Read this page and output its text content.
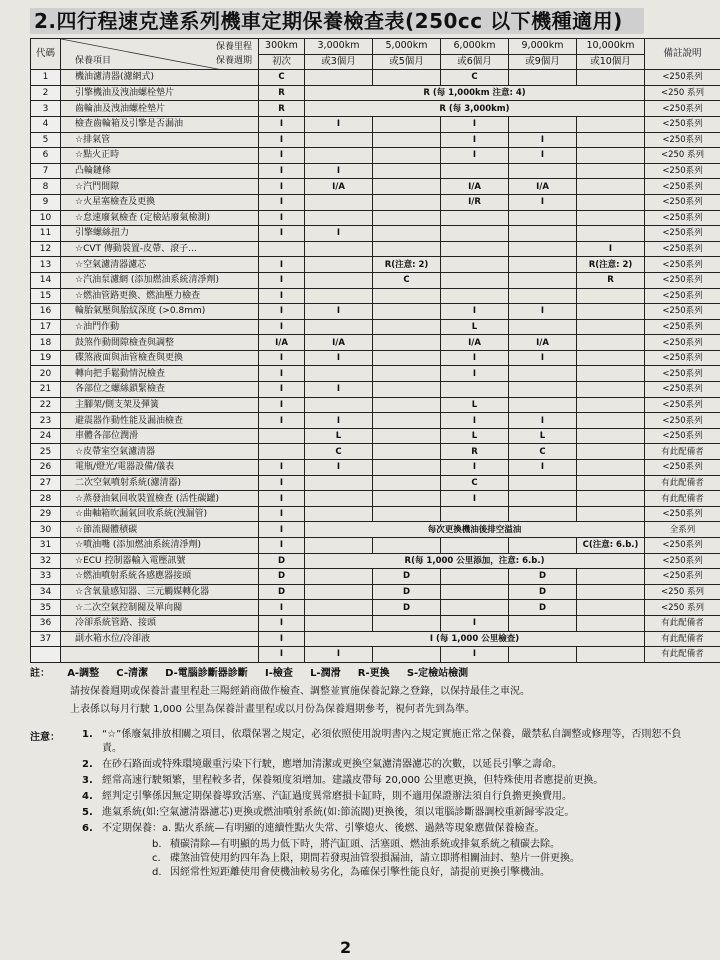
2.四行程速克達系列機車定期保養檢查表(250cc 以下機種適用)
代碼	保養里程
保養項目 保養週期	300km	3,000km	5,000km	6,000km	9,000km	10,000km	備註說明
		初次	或3個月	或5個月	或6個月	或9個月	或10個月	
1	機油濾清器(濾網式)	C			C			<250系列
2	引擎機油及洩油螺栓墊片	R	R (每 1,000km 注意: 4)					<250 系列
3	齒輪油及洩油螺栓墊片	R	R (每 3,000km)					<250系列
4	檢查齒輪箱及引擎是否漏油	I	I		I			<250系列
5	☆排氣管	I			I	I		<250系列
6	☆點火正時	I			I	I		<250 系列
7	凸輪鏈條	I	I					<250系列
8	☆汽門間隙	I	I/A		I/A	I/A		<250系列
9	☆火星塞檢查及更換	I			I/R	I		<250系列
10	☆怠速廢氣檢查 (定檢站廢氣檢測)	I						<250系列
11	引擎螺絲扭力	I	I					<250系列
12	☆CVT 傳動裝置-皮帶、滾子...						I	<250系列
13	☆空氣濾清器濾芯	I		R(注意: 2)			R(注意: 2)	<250系列
14	☆汽油泵濾網 (添加燃油系統清淨劑)	I		C			R	<250系列
15	☆燃油管路更換、燃油壓力檢查	I						<250系列
16	輪胎氣壓與胎紋深度 (>0.8mm)	I	I		I	I		<250系列
17	☆油門作動	I			L			<250系列
18	鼓煞作動間隙檢查與調整	I/A	I/A		I/A	I/A		<250系列
19	碟煞液面與油管檢查與更換	I	I		I	I		<250系列
20	轉向把手鬆動情況檢查	I			I			<250系列
21	各部位之螺絲鎖緊檢查	I	I					<250系列
22	主腳架/側支架及彈簧	I			L			<250系列
23	避震器作動性能及漏油檢查	I	I		I	I		<250系列
24	車體各部位潤滑		L		L	L		<250系列
25	☆皮帶室空氣濾清器		C		R	C		有此配備者
26	電瓶/燈光/電器設備/儀表	I	I		I	I		<250系列
27	二次空氣噴射系統(濾清器)	I			C			有此配備者
28	☆蒸發油氣回收裝置檢查 (活性碳罐)	I			I			有此配備者
29	☆曲軸箱吹漏氣回收系統(洩漏管)	I						<250系列
30	☆節流閥體積碳	I	每次更換機油後排空溢油					全系列
31	☆噴油嘴 (添加燃油系統清淨劑)	I					C(注意: 6.b.)	<250系列
32	☆ECU 控制器輸入電壓訊號	D	R(每 1,000 公里添加，注意: 6.b.)					<250系列
33	☆燃油噴射系統各感應器接頭	D		D		D		<250系列
34	☆含氧量感知器、三元觸媒轉化器	D		D		D		<250 系列
35	☆二次空氣控制閥及單向閥	I		D		D		<250 系列
36	冷卻系統管路、接頭	I			I			有此配備者
37	副水箱水位/冷卻液	I	I (每 1,000 公里檢查)					有此配備者
		I	I		I			有此配備者
註： A-調整 C-清潔 D-電腦診斷器診斷 I-檢查 L-潤滑 R-更換 S-定檢站檢測
請按保養週期或保養計畫里程赴三陽經銷商做作檢查、調整並實施保養記錄之登錄，以保持最佳之車況。
上表係以每月行駛 1,000 公里為保養計畫里程或以月份為保養週期參考，視何者先到為準。
注意： 1. “☆”係廢氣排放相關之項目，依環保署之規定，必須依照使用說明書內之規定實施正常之保養，嚴禁私自調整或修理等，否則恕不負責。
2. 在砂石路面或特殊環境嚴重污染下行駛，應增加清潔或更換空氣濾清器濾芯的次數，以延長引擎之壽命。
3. 經常高速行駛頻繁，里程較多者，保養頻度須增加。建議皮帶每 20,000 公里應更換，但特殊使用者應提前更換。
4. 經判定引擎係因無定期保養導致活塞、汽缸過度異常磨損卡缸時，則不適用保證辦法須自行負擔更換費用。
5. 進氣系統(如:空氣濾清器濾芯)更換或燃油噴射系統(如:節流閥)更換後，須以電腦診斷器調校重新歸零設定。
6. 不定期保養：a. 點火系統—有明顯的連續性點火失常、引擎熄火、後燃、過熱等現象應做保養檢查。
b. 積碳清除—有明顯的馬力低下時，將汽缸頭、活塞頭、燃油系統或排氣系統之積碳去除。
c. 碟煞油管使用約四年為上限，期間若發現油管裂損漏油，請立即將相關油封、墊片一併更換。
d. 因經常性短距離使用會使機油較易劣化，為確保引擎性能良好，請提前更換引擎機油。
2
